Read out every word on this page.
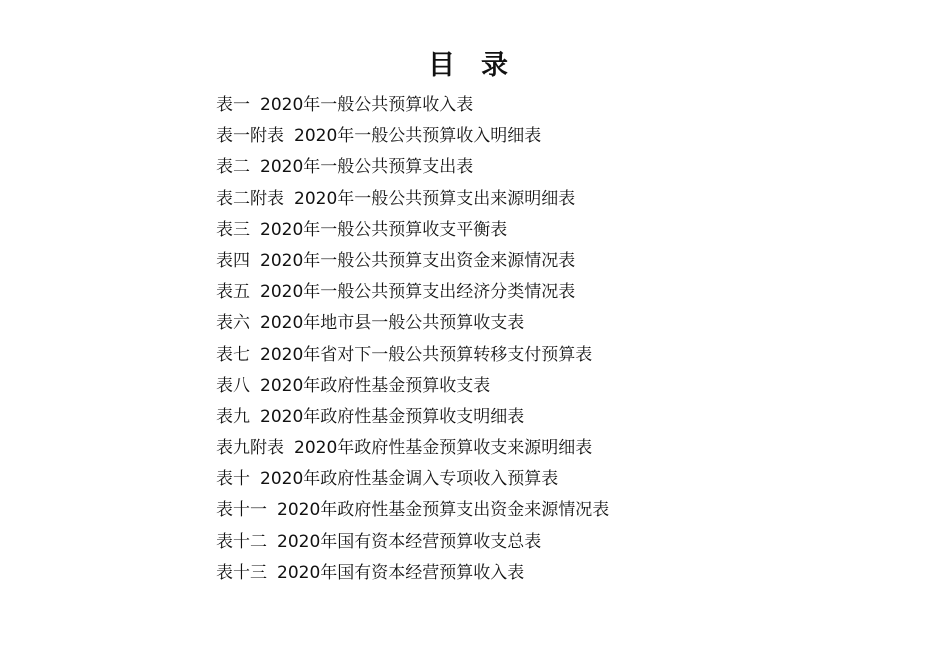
目 录
表一 2020年一般公共预算收入表
表一附表 2020年一般公共预算收入明细表
表二 2020年一般公共预算支出表
表二附表 2020年一般公共预算支出来源明细表
表三 2020年一般公共预算收支平衡表
表四 2020年一般公共预算支出资金来源情况表
表五 2020年一般公共预算支出经济分类情况表
表六 2020年地市县一般公共预算收支表
表七 2020年省对下一般公共预算转移支付预算表
表八 2020年政府性基金预算收支表
表九 2020年政府性基金预算收支明细表
表九附表 2020年政府性基金预算收支来源明细表
表十 2020年政府性基金调入专项收入预算表
表十一 2020年政府性基金预算支出资金来源情况表
表十二 2020年国有资本经营预算收支总表
表十三 2020年国有资本经营预算收入表
